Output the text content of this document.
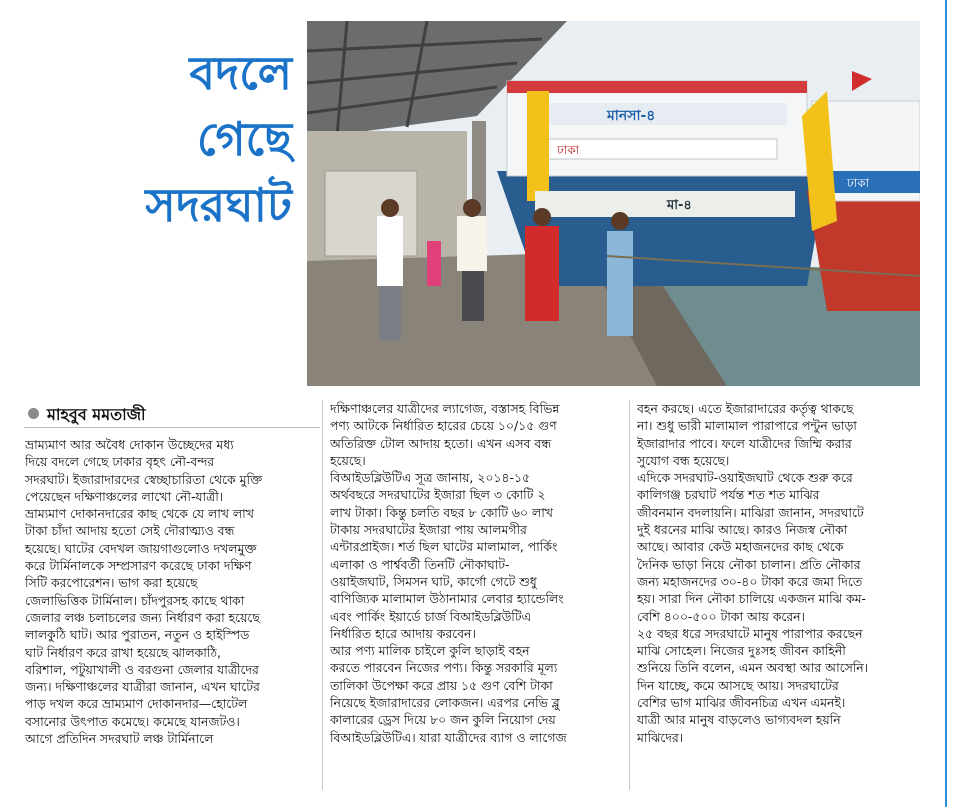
বদলে
গেছে
সদরঘাট
মানসা-৪
ঢাকা
মা-৪
ঢাকা
মাহবুব মমতাজী

ভ্রাম্যমাণ আর অবৈধ দোকান উচ্ছেদের মধ্য

দিয়ে বদলে গেছে ঢাকার বৃহৎ নৌ-বন্দর

সদরঘাট। ইজারাদারদের স্বেচ্ছাচারিতা থেকে মুক্তি

পেয়েছেন দক্ষিণাঞ্চলের লাখো নৌ-যাত্রী।

ভ্রাম্যমাণ দোকানদারের কাছ থেকে যে লাখ লাখ

টাকা চাঁদা আদায় হতো সেই দৌরাত্ম্যও বন্ধ

হয়েছে। ঘাটের বেদখল জায়গাগুলোও দখলমুক্ত

করে টার্মিনালকে সম্প্রসারণ করেছে ঢাকা দক্ষিণ

সিটি করপোরেশন। ভাগ করা হয়েছে

জেলাভিত্তিক টার্মিনাল। চাঁদপুরসহ কাছে থাকা

জেলার লঞ্চ চলাচলের জন্য নির্ধারণ করা হয়েছে

লালকুঠি ঘাট। আর পুরাতন, নতুন ও হাইস্পিড

ঘাট নির্ধারণ করে রাখা হয়েছে ঝালকাঠি,

বরিশাল, পটুয়াখালী ও বরগুনা জেলার যাত্রীদের

জন্য। দক্ষিণাঞ্চলের যাত্রীরা জানান, এখন ঘাটের

পাড় দখল করে ভ্রাম্যমাণ দোকানদার—হোটেল

বসানোর উৎপাত কমেছে। কমেছে যানজটও।

আগে প্রতিদিন সদরঘাট লঞ্চ টার্মিনালে

দক্ষিণাঞ্চলের যাত্রীদের ল্যাগেজ, বস্তাসহ বিভিন্ন

পণ্য আটকে নির্ধারিত হারের চেয়ে ১০/১৫ গুণ

অতিরিক্ত টোল আদায় হতো। এখন এসব বন্ধ

হয়েছে।

বিআইডব্লিউটিএ সূত্র জানায়, ২০১৪-১৫

অর্থবছরে সদরঘাটের ইজারা ছিল ৩ কোটি ২

লাখ টাকা। কিন্তু চলতি বছর ৮ কোটি ৬০ লাখ

টাকায় সদরঘাটের ইজারা পায় আলমগীর

এন্টারপ্রাইজ। শর্ত ছিল ঘাটের মালামাল, পার্কিং

এলাকা ও পার্শ্ববর্তী তিনটি নৌকাঘাট-

ওয়াইজঘাট, সিমসন ঘাট, কার্গো গেটে শুধু

বাণিজ্যিক মালামাল উঠানামার লেবার হ্যান্ডেলিং

এবং পার্কিং ইয়ার্ডে চার্জ বিআইডব্লিউটিএ

নির্ধারিত হারে আদায় করবেন।

আর পণ্য মালিক চাইলে কুলি ছাড়াই বহন

করতে পারবেন নিজের পণ্য। কিন্তু সরকারি মূল্য

তালিকা উপেক্ষা করে প্রায় ১৫ গুণ বেশি টাকা

নিয়েছে ইজারাদারের লোকজন। এরপর নেভি ব্লু

কালারের ড্রেস দিয়ে ৮০ জন কুলি নিয়োগ দেয়

বিআইডব্লিউটিএ। যারা যাত্রীদের ব্যাগ ও লাগেজ

বহন করছে। এতে ইজারাদারের কর্তৃত্ব থাকছে

না। শুধু ভারী মালামাল পারাপারে পন্টুন ভাড়া

ইজারাদার পাবে। ফলে যাত্রীদের জিম্মি করার

সুযোগ বন্ধ হয়েছে।

এদিকে সদরঘাট-ওয়াইজঘাট থেকে শুরু করে

কালিগঞ্জ চরঘাট পর্যন্ত শত শত মাঝির

জীবনমান বদলায়নি। মাঝিরা জানান, সদরঘাটে

দুই ধরনের মাঝি আছে। কারও নিজস্ব নৌকা

আছে। আবার কেউ মহাজনদের কাছ থেকে

দৈনিক ভাড়া নিয়ে নৌকা চালান। প্রতি নৌকার

জন্য মহাজনদের ৩০-৪০ টাকা করে জমা দিতে

হয়। সারা দিন নৌকা চালিয়ে একজন মাঝি কম-

বেশি ৪০০-৫০০ টাকা আয় করেন।

২৫ বছর ধরে সদরঘাটে মানুষ পারাপার করছেন

মাঝি সোহেল। নিজের দুঃসহ জীবন কাহিনী

শুনিয়ে তিনি বলেন, এমন অবস্থা আর আসেনি।

দিন যাচ্ছে, কমে আসছে আয়। সদরঘাটের

বেশির ভাগ মাঝির জীবনচিত্র এখন এমনই।

যাত্রী আর মানুষ বাড়লেও ভাগ্যবদল হয়নি

মাঝিদের।
